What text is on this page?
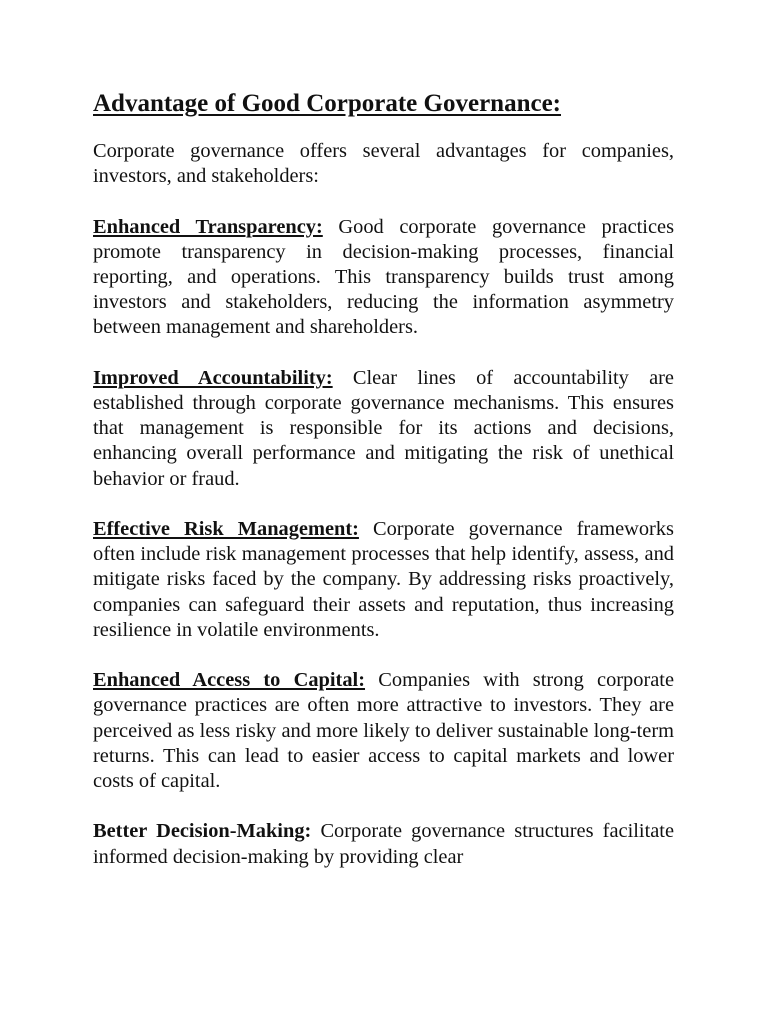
Advantage of Good Corporate Governance:

Corporate governance offers several advantages for companies, investors, and stakeholders:

Enhanced Transparency: Good corporate governance practices promote transparency in decision-making processes, financial reporting, and operations. This transparency builds trust among investors and stakeholders, reducing the information asymmetry between management and shareholders.

Improved Accountability: Clear lines of accountability are established through corporate governance mechanisms. This ensures that management is responsible for its actions and decisions, enhancing overall performance and mitigating the risk of unethical behavior or fraud.

Effective Risk Management: Corporate governance frameworks often include risk management processes that help identify, assess, and mitigate risks faced by the company. By addressing risks proactively, companies can safeguard their assets and reputation, thus increasing resilience in volatile environments.

Enhanced Access to Capital: Companies with strong corporate governance practices are often more attractive to investors. They are perceived as less risky and more likely to deliver sustainable long-term returns. This can lead to easier access to capital markets and lower costs of capital.

Better Decision-Making: Corporate governance structures facilitate informed decision-making by providing clear
